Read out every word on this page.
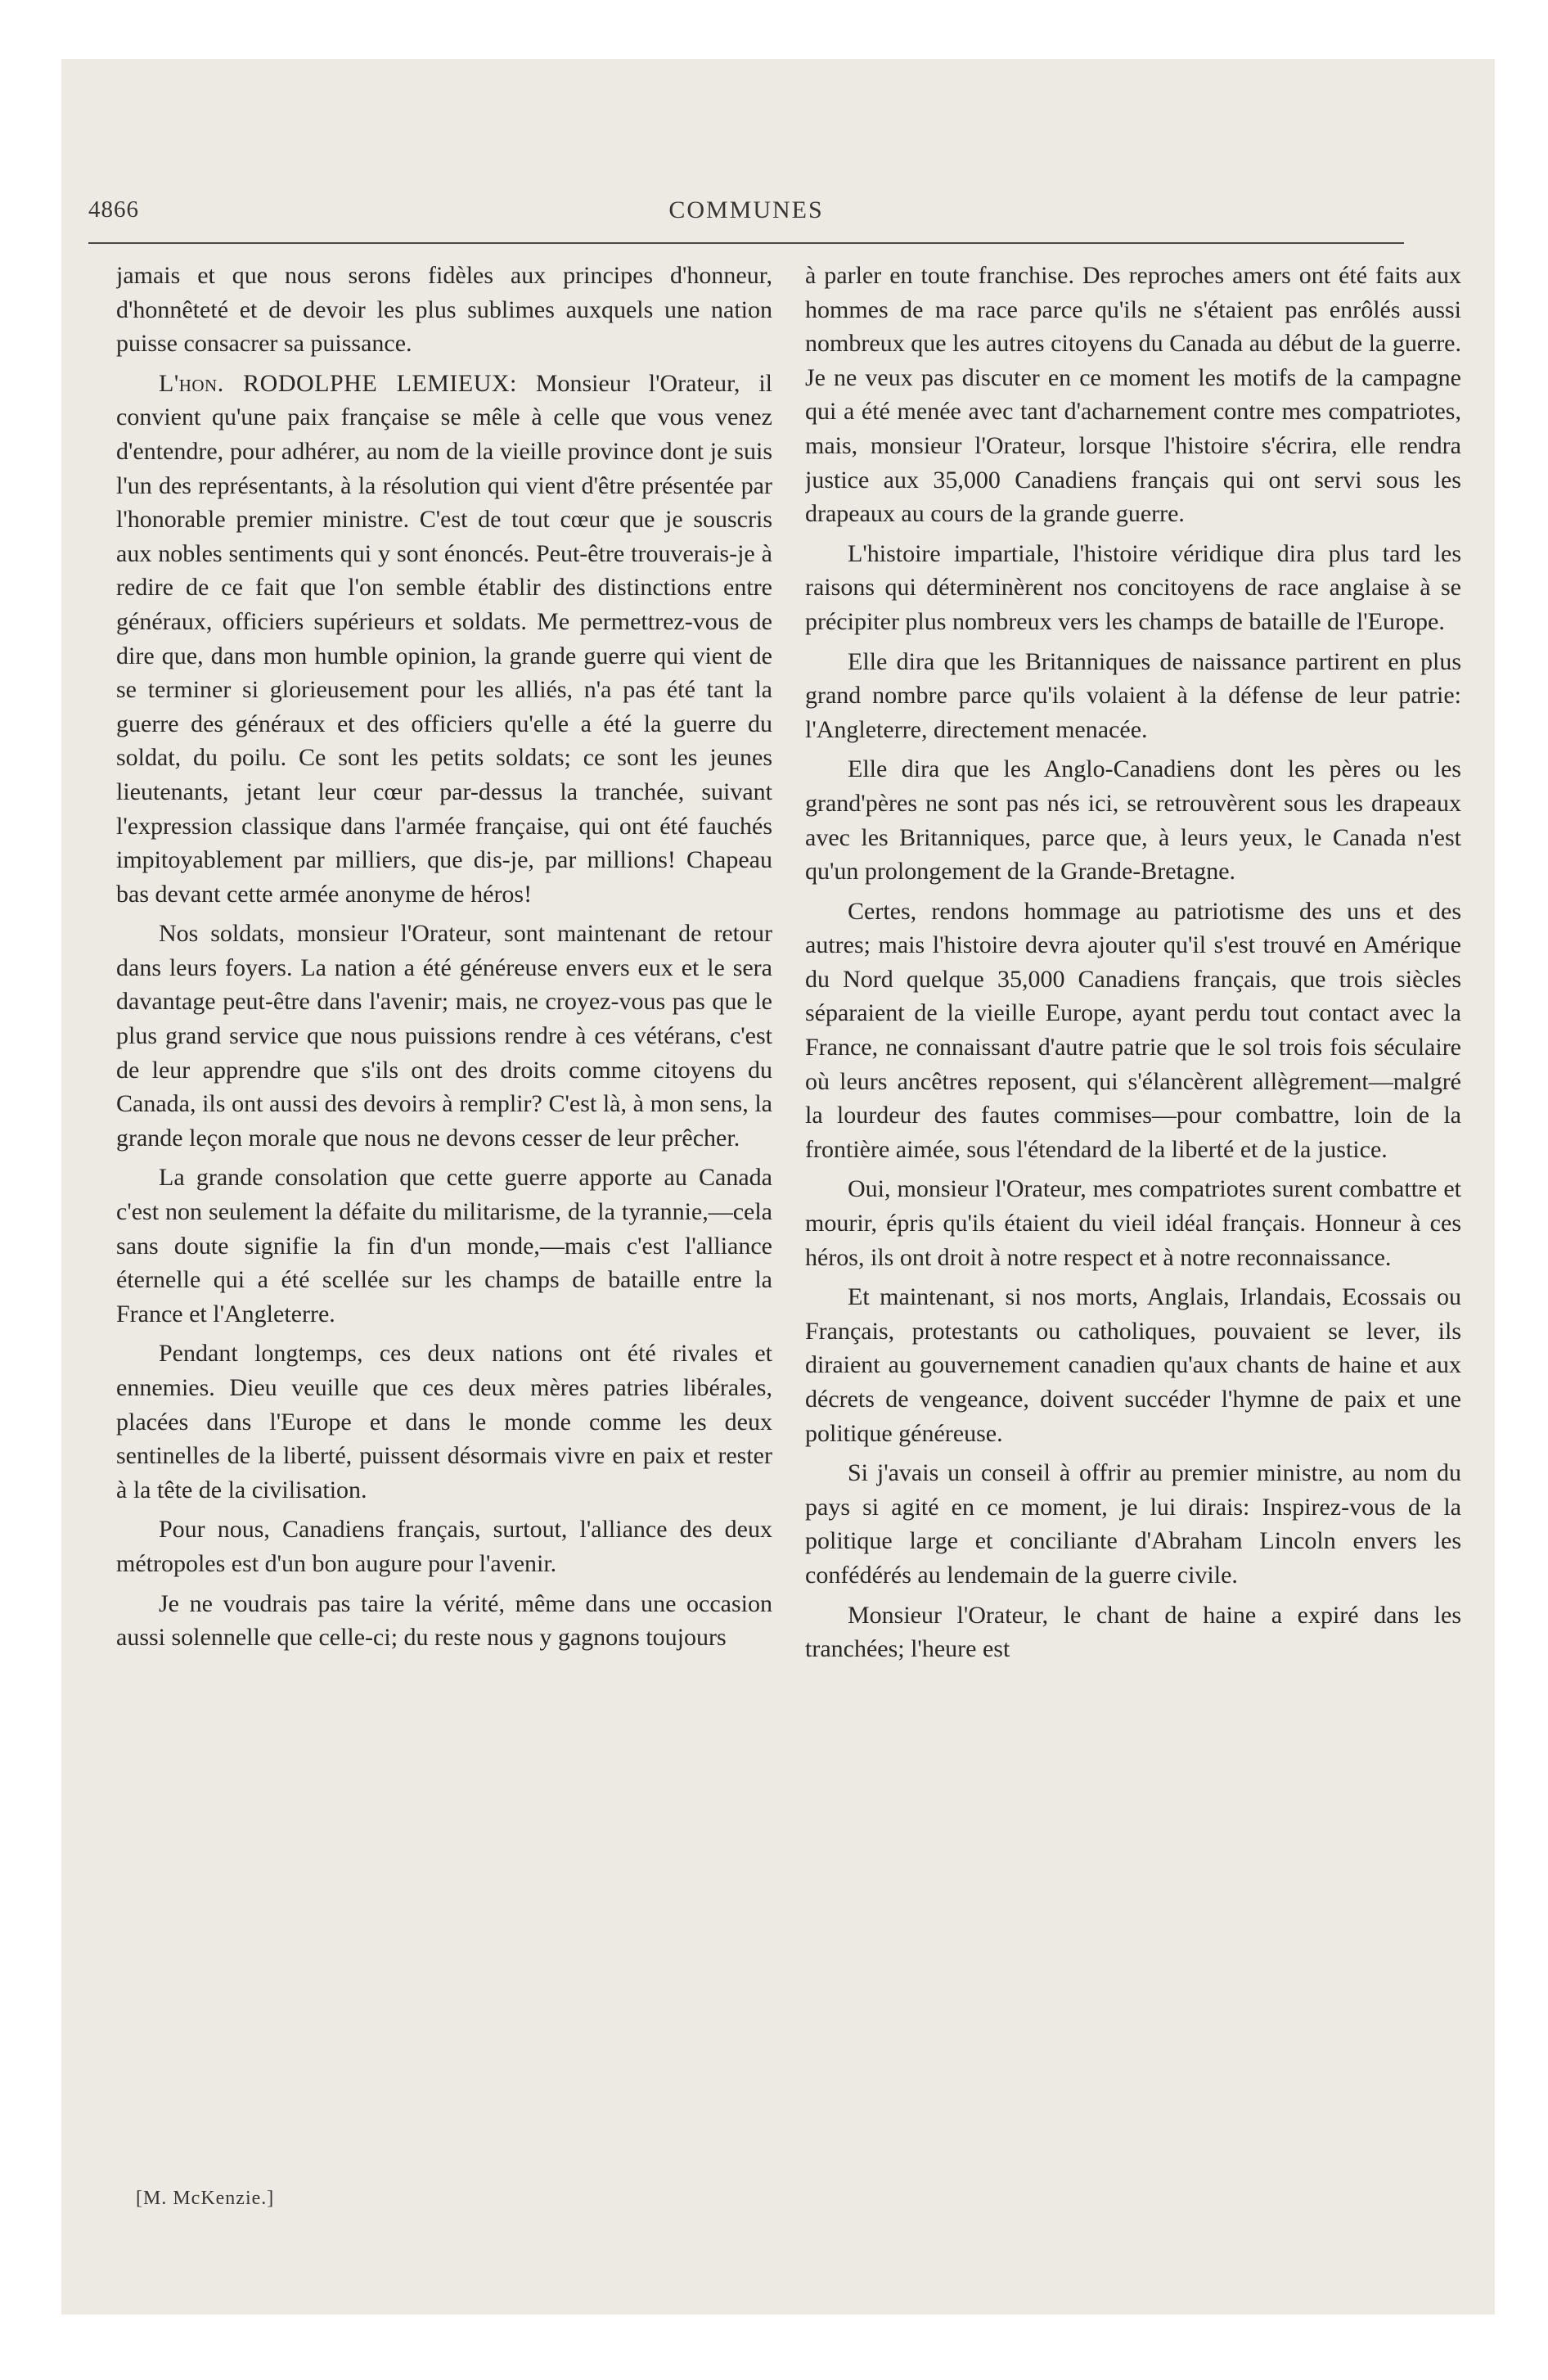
4866	COMMUNES

jamais et que nous serons fidèles aux principes d'honneur, d'honnêteté et de devoir les plus sublimes auxquels une nation puisse consacrer sa puissance.

L'hon. RODOLPHE LEMIEUX: Monsieur l'Orateur, il convient qu'une paix française se mêle à celle que vous venez d'entendre, pour adhérer, au nom de la vieille province dont je suis l'un des représentants, à la résolution qui vient d'être présentée par l'honorable premier ministre. C'est de tout cœur que je souscris aux nobles sentiments qui y sont énoncés. Peut-être trouverais-je à redire de ce fait que l'on semble établir des distinctions entre généraux, officiers supérieurs et soldats. Me permettrez-vous de dire que, dans mon humble opinion, la grande guerre qui vient de se terminer si glorieusement pour les alliés, n'a pas été tant la guerre des généraux et des officiers qu'elle a été la guerre du soldat, du poilu. Ce sont les petits soldats; ce sont les jeunes lieutenants, jetant leur cœur par-dessus la tranchée, suivant l'expression classique dans l'armée française, qui ont été fauchés impitoyablement par milliers, que dis-je, par millions! Chapeau bas devant cette armée anonyme de héros!

Nos soldats, monsieur l'Orateur, sont maintenant de retour dans leurs foyers. La nation a été généreuse envers eux et le sera davantage peut-être dans l'avenir; mais, ne croyez-vous pas que le plus grand service que nous puissions rendre à ces vétérans, c'est de leur apprendre que s'ils ont des droits comme citoyens du Canada, ils ont aussi des devoirs à remplir? C'est là, à mon sens, la grande leçon morale que nous ne devons cesser de leur prêcher.

La grande consolation que cette guerre apporte au Canada c'est non seulement la défaite du militarisme, de la tyrannie,—cela sans doute signifie la fin d'un monde,—mais c'est l'alliance éternelle qui a été scellée sur les champs de bataille entre la France et l'Angleterre.

Pendant longtemps, ces deux nations ont été rivales et ennemies. Dieu veuille que ces deux mères patries libérales, placées dans l'Europe et dans le monde comme les deux sentinelles de la liberté, puissent désormais vivre en paix et rester à la tête de la civilisation.

Pour nous, Canadiens français, surtout, l'alliance des deux métropoles est d'un bon augure pour l'avenir.

Je ne voudrais pas taire la vérité, même dans une occasion aussi solennelle que celle-ci; du reste nous y gagnons toujours

à parler en toute franchise. Des reproches amers ont été faits aux hommes de ma race parce qu'ils ne s'étaient pas enrôlés aussi nombreux que les autres citoyens du Canada au début de la guerre. Je ne veux pas discuter en ce moment les motifs de la campagne qui a été menée avec tant d'acharnement contre mes compatriotes, mais, monsieur l'Orateur, lorsque l'histoire s'écrira, elle rendra justice aux 35,000 Canadiens français qui ont servi sous les drapeaux au cours de la grande guerre.

L'histoire impartiale, l'histoire véridique dira plus tard les raisons qui déterminèrent nos concitoyens de race anglaise à se précipiter plus nombreux vers les champs de bataille de l'Europe.

Elle dira que les Britanniques de naissance partirent en plus grand nombre parce qu'ils volaient à la défense de leur patrie: l'Angleterre, directement menacée.

Elle dira que les Anglo-Canadiens dont les pères ou les grand'pères ne sont pas nés ici, se retrouvèrent sous les drapeaux avec les Britanniques, parce que, à leurs yeux, le Canada n'est qu'un prolongement de la Grande-Bretagne.

Certes, rendons hommage au patriotisme des uns et des autres; mais l'histoire devra ajouter qu'il s'est trouvé en Amérique du Nord quelque 35,000 Canadiens français, que trois siècles séparaient de la vieille Europe, ayant perdu tout contact avec la France, ne connaissant d'autre patrie que le sol trois fois séculaire où leurs ancêtres reposent, qui s'élancèrent allègrement—malgré la lourdeur des fautes commises—pour combattre, loin de la frontière aimée, sous l'étendard de la liberté et de la justice.

Oui, monsieur l'Orateur, mes compatriotes surent combattre et mourir, épris qu'ils étaient du vieil idéal français. Honneur à ces héros, ils ont droit à notre respect et à notre reconnaissance.

Et maintenant, si nos morts, Anglais, Irlandais, Ecossais ou Français, protestants ou catholiques, pouvaient se lever, ils diraient au gouvernement canadien qu'aux chants de haine et aux décrets de vengeance, doivent succéder l'hymne de paix et une politique généreuse.

Si j'avais un conseil à offrir au premier ministre, au nom du pays si agité en ce moment, je lui dirais: Inspirez-vous de la politique large et conciliante d'Abraham Lincoln envers les confédérés au lendemain de la guerre civile.

Monsieur l'Orateur, le chant de haine a expiré dans les tranchées; l'heure est

[M. McKenzie.]
